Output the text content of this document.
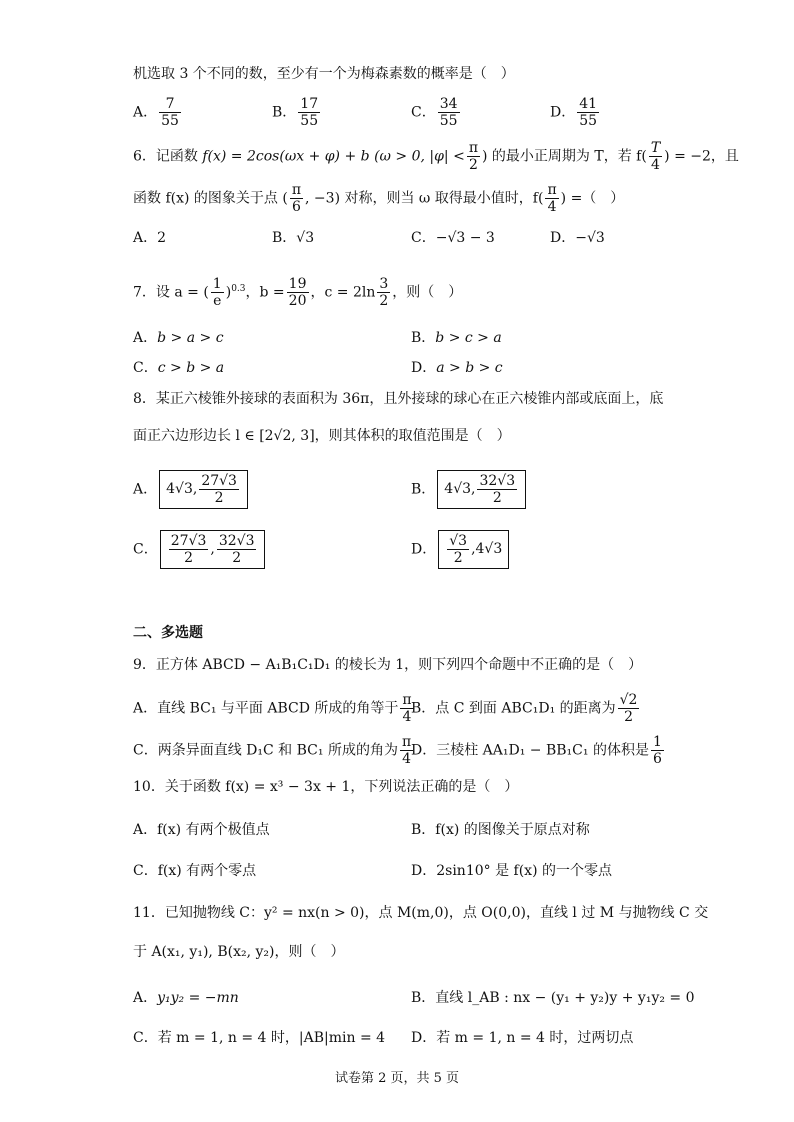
机选取 3 个不同的数，至少有一个为梅森素数的概率是（　）
A． $\frac{7}{55}$	B． $\frac{17}{55}$	C． $\frac{34}{55}$	D． $\frac{41}{55}$
6．记函数 f(x) = 2cos(ωx + φ) + b (ω > 0, $|\varphi| < \frac{\pi}{2}$ ) 的最小正周期为 T，若 $f( \frac{T}{4}$ ) = −2，且
函数 f(x) 的图象关于点 ( $\frac{\pi}{6}$ , −3) 对称，则当 ω 取得最小值时，$f( \frac{\pi}{4}$ ) =（　）
A．2	B．√3	C．−√3 − 3	D．−√3
7．设 a = ( $\frac{1}{e} )^{0.3}$，$b = \frac{19}{20}$ ，$c = 2\ln \frac{3}{2}$ ，则（　）
A．b > a > c	B．b > c > a
C．c > b > a	D．a > b > c
8．某正六棱锥外接球的表面积为 36π，且外接球的球心在正六棱锥内部或底面上，底
面正六边形边长 l ∈ [2√2, 3]，则其体积的取值范围是（　）
A． 4√3, $\frac{27√3}{2}$	B． 4√3, $\frac{32√3}{2}$
C． $\frac{27√3}{2}$ , $\frac{32√3}{2}$	D． $\frac{√3}{2} ,4√3$
二、多选题
9．正方体 ABCD − A₁B₁C₁D₁ 的棱长为 1，则下列四个命题中不正确的是（　）
A．直线 BC₁ 与平面 ABCD 所成的角等于 $\frac{\pi}{4}$
B．点 C 到面 ABC₁D₁ 的距离为 $\frac{√2}{2}$
C．两条异面直线 D₁C 和 BC₁ 所成的角为 $\frac{\pi}{4}$
D．三棱柱 AA₁D₁ − BB₁C₁ 的体积是 $\frac{1}{6}$
10．关于函数 f(x) = x³ − 3x + 1，下列说法正确的是（　）
A．f(x) 有两个极值点	B．f(x) 的图像关于原点对称
C．f(x) 有两个零点	D．2sin10° 是 f(x) 的一个零点
11．已知抛物线 C：y² = nx(n > 0)，点 M(m,0)，点 O(0,0)，直线 l 过 M 与抛物线 C 交
于 A(x₁, y₁), B(x₂, y₂)，则（　）
A．y₁y₂ = −mn	B．直线 l_AB : nx − (y₁ + y₂)y + y₁y₂ = 0
C．若 m = 1, n = 4 时，|AB|min = 4 D．若 m = 1, n = 4 时，过两切点
试卷第 2 页，共 5 页
